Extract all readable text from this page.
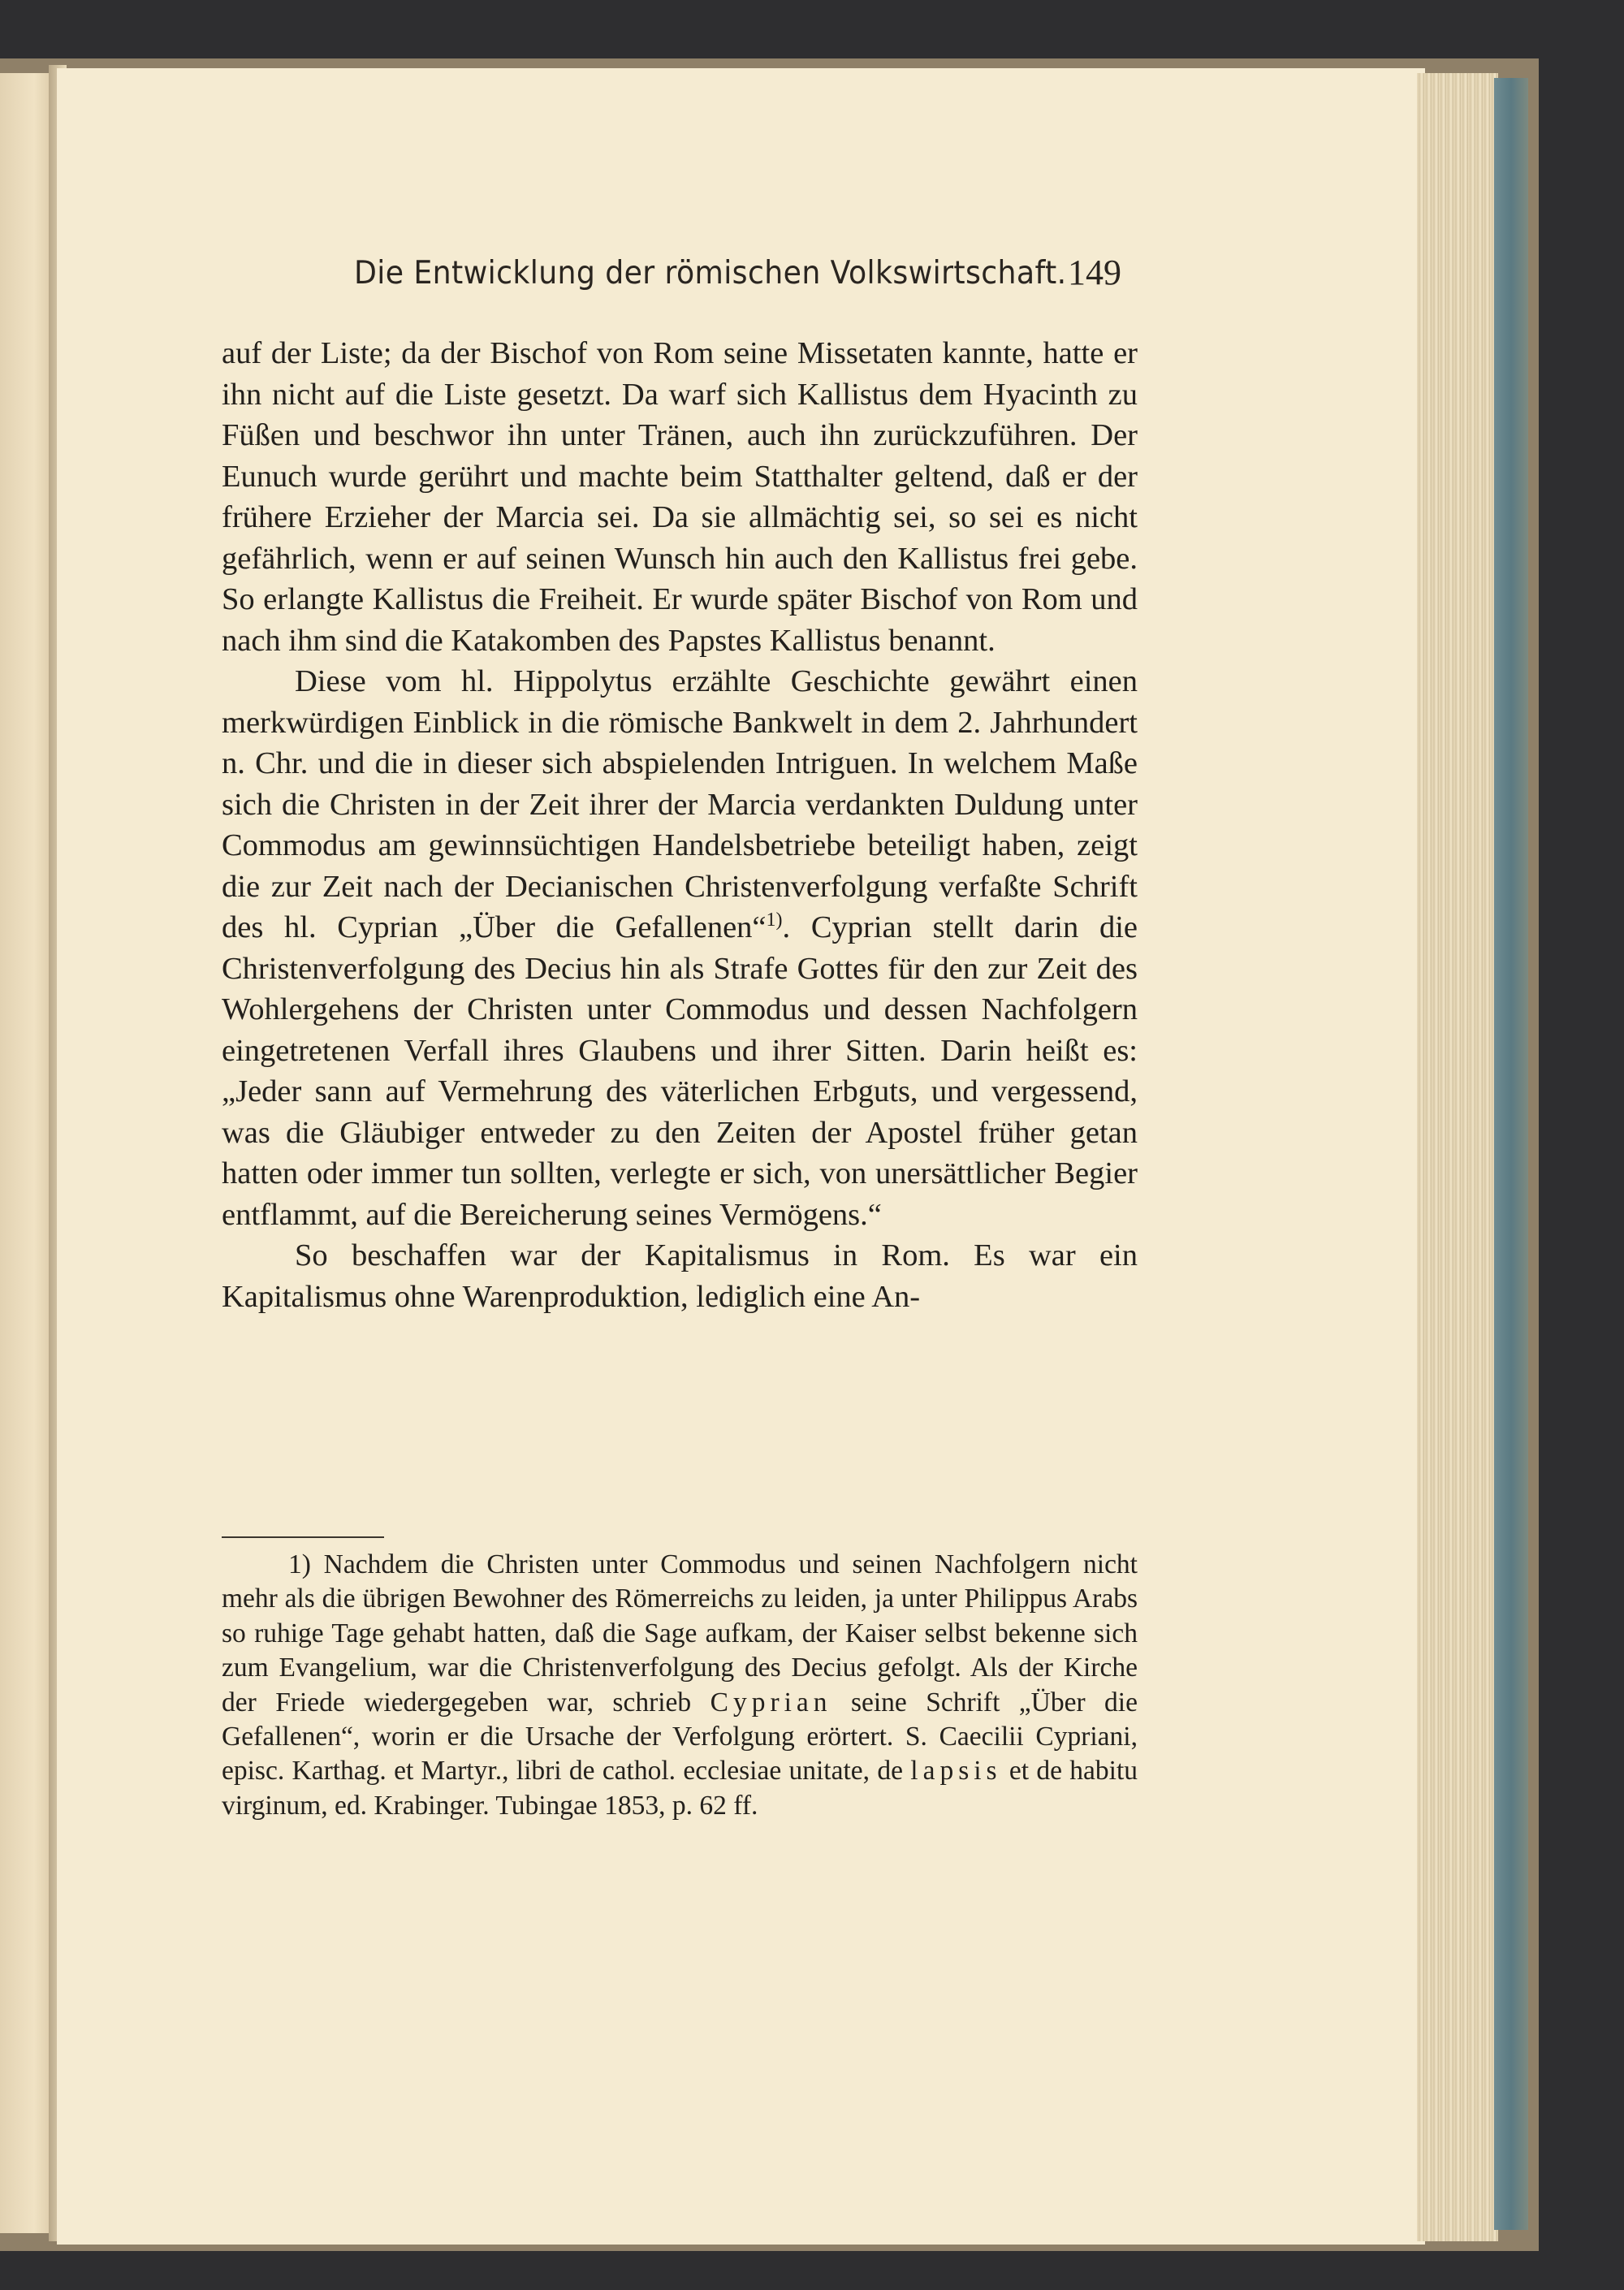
Die Entwicklung der römischen Volkswirtschaft. 149

auf der Liste; da der Bischof von Rom seine Missetaten kannte, hatte er ihn nicht auf die Liste gesetzt. Da warf sich Kallistus dem Hyacinth zu Füßen und beschwor ihn unter Tränen, auch ihn zurückzuführen. Der Eunuch wurde gerührt und machte beim Statthalter geltend, daß er der frühere Erzieher der Marcia sei. Da sie allmächtig sei, so sei es nicht gefährlich, wenn er auf seinen Wunsch hin auch den Kallistus frei gebe. So erlangte Kallistus die Freiheit. Er wurde später Bischof von Rom und nach ihm sind die Katakomben des Papstes Kallistus benannt.

Diese vom hl. Hippolytus erzählte Geschichte gewährt einen merkwürdigen Einblick in die römische Bankwelt in dem 2. Jahrhundert n. Chr. und die in dieser sich abspielenden Intriguen. In welchem Maße sich die Christen in der Zeit ihrer der Marcia verdankten Duldung unter Commodus am gewinnsüchtigen Handelsbetriebe beteiligt haben, zeigt die zur Zeit nach der Decianischen Christenverfolgung verfaßte Schrift des hl. Cyprian „Über die Gefallenen“$^{1)}$. Cyprian stellt darin die Christenverfolgung des Decius hin als Strafe Gottes für den zur Zeit des Wohlergehens der Christen unter Commodus und dessen Nachfolgern eingetretenen Verfall ihres Glaubens und ihrer Sitten. Darin heißt es: „Jeder sann auf Vermehrung des väterlichen Erbguts, und vergessend, was die Gläubiger entweder zu den Zeiten der Apostel früher getan hatten oder immer tun sollten, verlegte er sich, von unersättlicher Begier entflammt, auf die Bereicherung seines Vermögens.“

So beschaffen war der Kapitalismus in Rom. Es war ein Kapitalismus ohne Warenproduktion, lediglich eine An-

1) Nachdem die Christen unter Commodus und seinen Nachfolgern nicht mehr als die übrigen Bewohner des Römerreichs zu leiden, ja unter Philippus Arabs so ruhige Tage gehabt hatten, daß die Sage aufkam, der Kaiser selbst bekenne sich zum Evangelium, war die Christenverfolgung des Decius gefolgt. Als der Kirche der Friede wiedergegeben war, schrieb Cyprian seine Schrift „Über die Gefallenen“, worin er die Ursache der Verfolgung erörtert. S. Caecilii Cypriani, episc. Karthag. et Martyr., libri de cathol. ecclesiae unitate, de lapsis et de habitu virginum, ed. Krabinger. Tubingae 1853, p. 62 ff.
